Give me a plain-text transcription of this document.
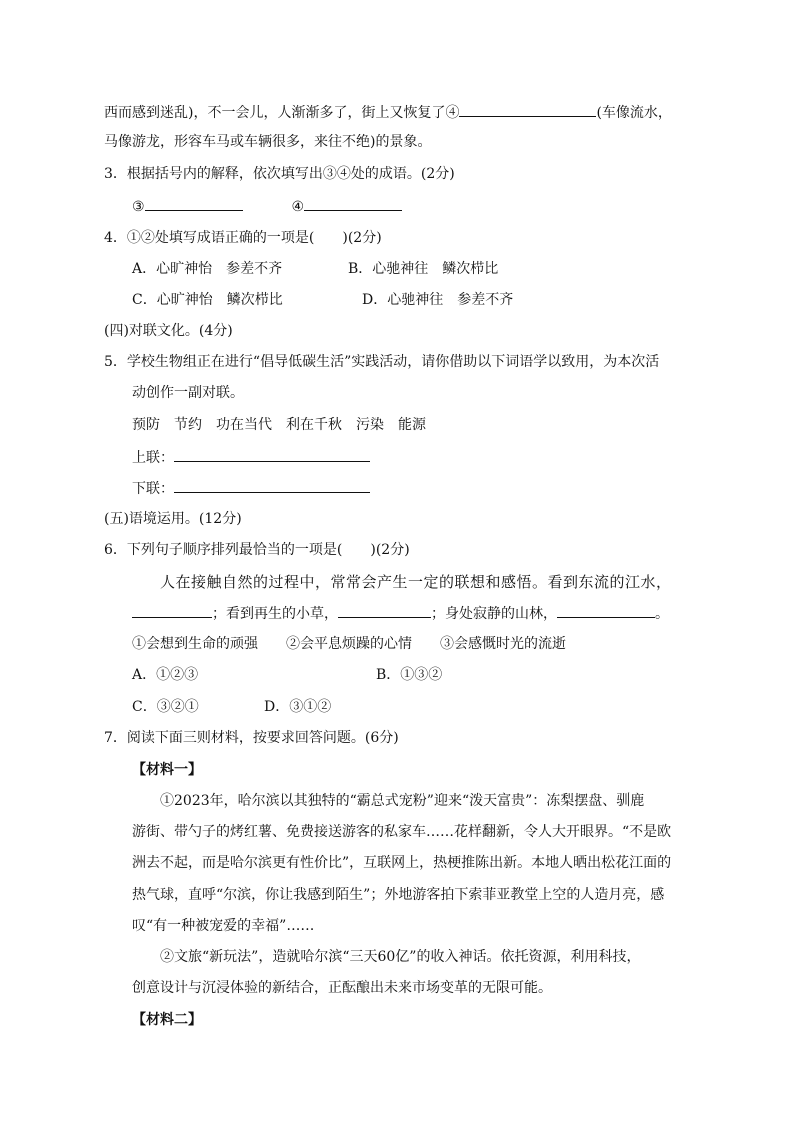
西而感到迷乱)，不一会儿，人渐渐多了，街上又恢复了④	(车像流水，
马像游龙，形容车马或车辆很多，来往不绝)的景象。
3．根据括号内的解释，依次填写出③④处的成语。(2分)
③	④
4．①②处填写成语正确的一项是(　　)(2分)
A．心旷神怡　参差不齐	B．心驰神往　鳞次栉比
C．心旷神怡　鳞次栉比	D．心驰神往　参差不齐
(四)对联文化。(4分)
5．学校生物组正在进行“倡导低碳生活”实践活动，请你借助以下词语学以致用，为本次活
动创作一副对联。
预防 节约 功在当代 利在千秋 污染 能源
上联：
下联：
(五)语境运用。(12分)
6．下列句子顺序排列最恰当的一项是(　　)(2分)
人在接触自然的过程中，常常会产生一定的联想和感悟。看到东流的江水，
；看到再生的小草，	；身处寂静的山林，	。
①会想到生命的顽强　　②会平息烦躁的心情　　③会感慨时光的流逝
A．①②③	B．①③②
C．③②①	D．③①②
7．阅读下面三则材料，按要求回答问题。(6分)
【材料一】
①2023年，哈尔滨以其独特的“霸总式宠粉”迎来“泼天富贵”：冻梨摆盘、驯鹿
游街、带勺子的烤红薯、免费接送游客的私家车……花样翻新，令人大开眼界。“不是欧
洲去不起，而是哈尔滨更有性价比”，互联网上，热梗推陈出新。本地人晒出松花江面的
热气球，直呼“尔滨，你让我感到陌生”；外地游客拍下索菲亚教堂上空的人造月亮，感
叹“有一种被宠爱的幸福”……
②文旅“新玩法”，造就哈尔滨“三天60亿”的收入神话。依托资源，利用科技，
创意设计与沉浸体验的新结合，正酝酿出未来市场变革的无限可能。
【材料二】
